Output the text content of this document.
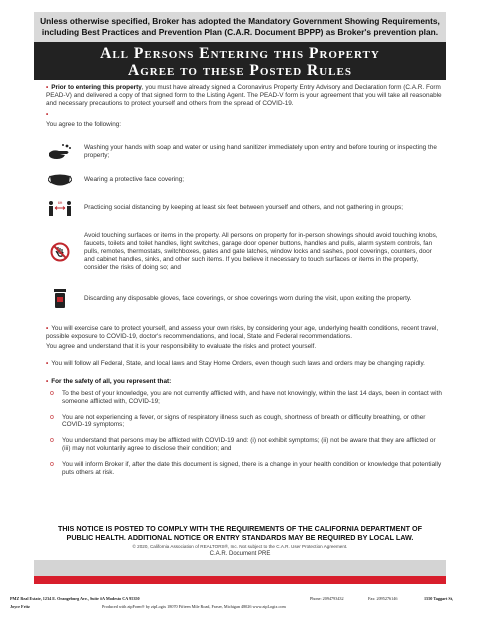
Unless otherwise specified, Broker has adopted the Mandatory Government Showing Requirements,
including Best Practices and Prevention Plan (C.A.R. Document BPPP) as Broker's prevention plan.
All Persons Entering this Property
Agree to these Posted Rules

• Prior to entering this property, you must have already signed a Coronavirus Property Entry Advisory and Declaration form (C.A.R. Form PEAD-V) and delivered a copy of that signed form to the Listing Agent. The PEAD-V form is your agreement that you will take all reasonable and necessary precautions to protect yourself and others from the spread of COVID-19.

•

You agree to the following:

Washing your hands with soap and water or using hand sanitizer immediately upon entry and before touring or inspecting the property;
Wearing a protective face covering;
6ft
Practicing social distancing by keeping at least six feet between yourself and others, and not gathering in groups;
Avoid touching surfaces or items in the property. All persons on property for in-person showings should avoid touching knobs, faucets, toilets and toilet handles, light switches, garage door opener buttons, handles and pulls, alarm system controls, fan pulls, remotes, thermostats, switchboxes, gates and gate latches, window locks and sashes, pool coverings, counters, door and cabinet handles, sinks, and other such items. If you believe it necessary to touch surfaces or items in the property, consider the risks of doing so; and
Discarding any disposable gloves, face coverings, or shoe coverings worn during the visit, upon exiting the property.

• You will exercise care to protect yourself, and assess your own risks, by considering your age, underlying health conditions, recent travel, possible exposure to COVID-19, doctor's recommendations, and local, State and Federal recommendations.

You agree and understand that it is your responsibility to evaluate the risks and protect yourself.

• You will follow all Federal, State, and local laws and Stay Home Orders, even though such laws and orders may be changing rapidly.

• For the safety of all, you represent that:

o	To the best of your knowledge, you are not currently afflicted with, and have not knowingly, within the last 14 days, been in contact with someone afflicted with, COVID-19;
o	You are not experiencing a fever, or signs of respiratory illness such as cough, shortness of breath or difficulty breathing, or other COVID-19 symptoms;
o	You understand that persons may be afflicted with COVID-19 and: (i) not exhibit symptoms; (ii) not be aware that they are afflicted or (iii) may not voluntarily agree to disclose their condition; and
o	You will inform Broker if, after the date this document is signed, there is a change in your health condition or knowledge that potentially puts others at risk.
THIS NOTICE IS POSTED TO COMPLY WITH THE REQUIREMENTS OF THE CALIFORNIA DEPARTMENT OF
PUBLIC HEALTH. ADDITIONAL NOTICE OR ENTRY STANDARDS MAY BE REQUIRED BY LOCAL LAW.
© 2020, California Association of REALTORS®, Inc. Not subject to the C.A.R. User Protection Agreement.
C.A.R. Document PRE
PMZ Real Estate, 1234 E. Orangeburg Ave., Suite #A Modesto CA 95350	Phone: 2094793432	Fax: 2095276146	1550 Taggart St,
Joyce Fritz	Produced with zipForm® by zipLogix 18070 Fifteen Mile Road, Fraser, Michigan 48026 www.zipLogix.com
